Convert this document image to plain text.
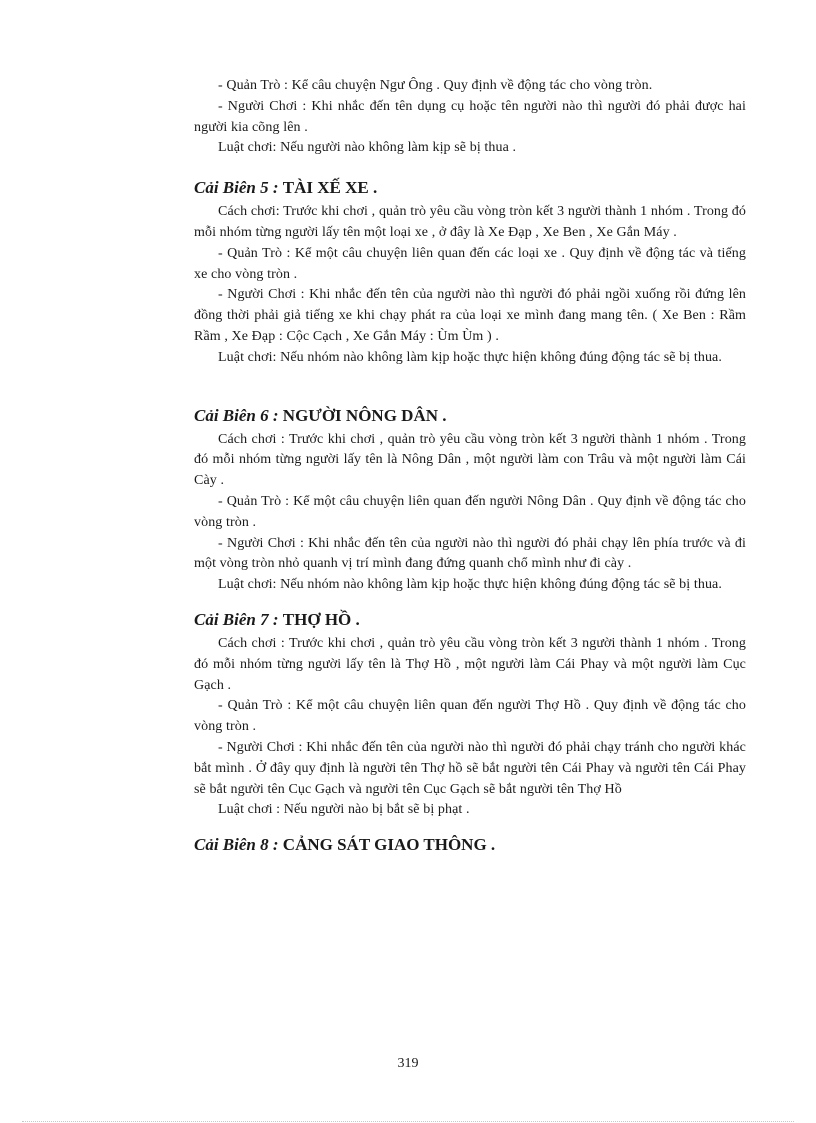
- Quản Trò : Kể câu chuyện Ngư Ông . Quy định về động tác cho vòng tròn.

- Người Chơi : Khi nhắc đến tên dụng cụ hoặc tên người nào thì người đó phải được hai người kia cõng lên .

Luật chơi: Nếu người nào không làm kịp sẽ bị thua .

Cải Biên 5 : TÀI XẾ XE .

Cách chơi: Trước khi chơi , quản trò yêu cầu vòng tròn kết 3 người thành 1 nhóm . Trong đó mỗi nhóm từng người lấy tên một loại xe , ở đây là Xe Đạp , Xe Ben , Xe Gắn Máy .

- Quản Trò : Kể một câu chuyện liên quan đến các loại xe . Quy định về động tác và tiếng xe cho vòng tròn .

- Người Chơi : Khi nhắc đến tên của người nào thì người đó phải ngồi xuống rồi đứng lên đồng thời phải giả tiếng xe khi chạy phát ra của loại xe mình đang mang tên. ( Xe Ben : Rầm Rầm , Xe Đạp : Cộc Cạch , Xe Gắn Máy : Ùm Ùm ) .

Luật chơi: Nếu nhóm nào không làm kịp hoặc thực hiện không đúng động tác sẽ bị thua.

Cải Biên 6 : NGƯỜI NÔNG DÂN .

Cách chơi : Trước khi chơi , quản trò yêu cầu vòng tròn kết 3 người thành 1 nhóm . Trong đó mỗi nhóm từng người lấy tên là Nông Dân , một người làm con Trâu và một người làm Cái Cày .

- Quản Trò : Kể một câu chuyện liên quan đến người Nông Dân . Quy định về động tác cho vòng tròn .

- Người Chơi : Khi nhắc đến tên của người nào thì người đó phải chạy lên phía trước và đi một vòng tròn nhỏ quanh vị trí mình đang đứng quanh chổ mình như đi cày .

Luật chơi: Nếu nhóm nào không làm kịp hoặc thực hiện không đúng động tác sẽ bị thua.

Cải Biên 7 : THỢ HỒ .

Cách chơi : Trước khi chơi , quản trò yêu cầu vòng tròn kết 3 người thành 1 nhóm . Trong đó mỗi nhóm từng người lấy tên là Thợ Hồ , một người làm Cái Phay và một người làm Cục Gạch .

- Quản Trò : Kể một câu chuyện liên quan đến người Thợ Hồ . Quy định về động tác cho vòng tròn .

- Người Chơi : Khi nhắc đến tên của người nào thì người đó phải chạy tránh cho người khác bắt mình . Ở đây quy định là người tên Thợ hồ sẽ bắt người tên Cái Phay và người tên Cái Phay sẽ bắt người tên Cục Gạch và người tên Cục Gạch sẽ bắt người tên Thợ Hồ

Luật chơi : Nếu người nào bị bắt sẽ bị phạt .

Cải Biên 8 : CẢNG SÁT GIAO THÔNG .
319
